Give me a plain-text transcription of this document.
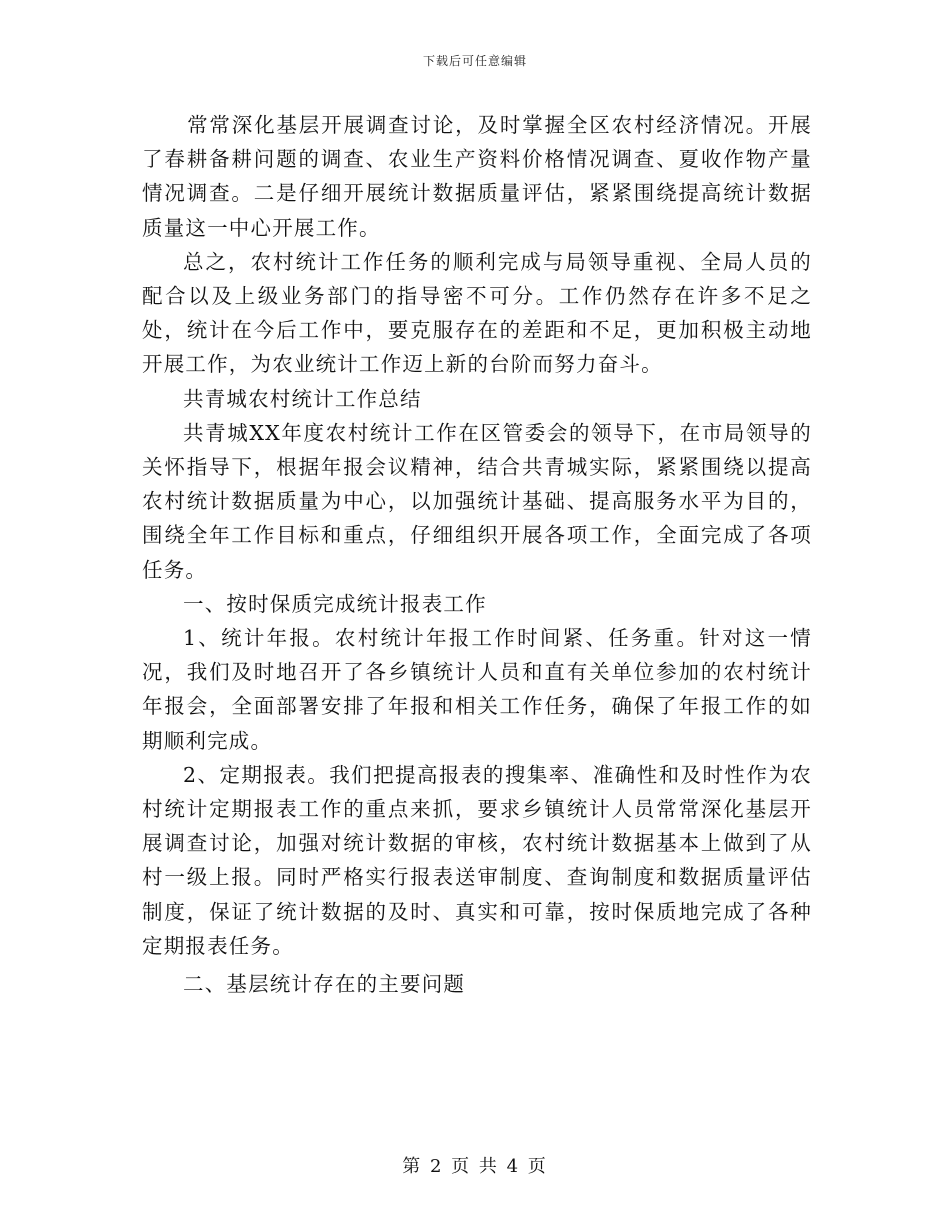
下载后可任意编辑

常常深化基层开展调查讨论，及时掌握全区农村经济情况。开展了春耕备耕问题的调查、农业生产资料价格情况调查、夏收作物产量情况调查。二是仔细开展统计数据质量评估，紧紧围绕提高统计数据质量这一中心开展工作。

总之，农村统计工作任务的顺利完成与局领导重视、全局人员的配合以及上级业务部门的指导密不可分。工作仍然存在许多不足之处，统计在今后工作中，要克服存在的差距和不足，更加积极主动地开展工作，为农业统计工作迈上新的台阶而努力奋斗。

共青城农村统计工作总结

共青城XX年度农村统计工作在区管委会的领导下，在市局领导的关怀指导下，根据年报会议精神，结合共青城实际，紧紧围绕以提高农村统计数据质量为中心，以加强统计基础、提高服务水平为目的，围绕全年工作目标和重点，仔细组织开展各项工作，全面完成了各项任务。

一、按时保质完成统计报表工作

1、统计年报。农村统计年报工作时间紧、任务重。针对这一情况，我们及时地召开了各乡镇统计人员和直有关单位参加的农村统计年报会，全面部署安排了年报和相关工作任务，确保了年报工作的如期顺利完成。

2、定期报表。我们把提高报表的搜集率、准确性和及时性作为农村统计定期报表工作的重点来抓，要求乡镇统计人员常常深化基层开展调查讨论，加强对统计数据的审核，农村统计数据基本上做到了从村一级上报。同时严格实行报表送审制度、查询制度和数据质量评估制度，保证了统计数据的及时、真实和可靠，按时保质地完成了各种定期报表任务。

二、基层统计存在的主要问题

第 2 页 共 4 页
